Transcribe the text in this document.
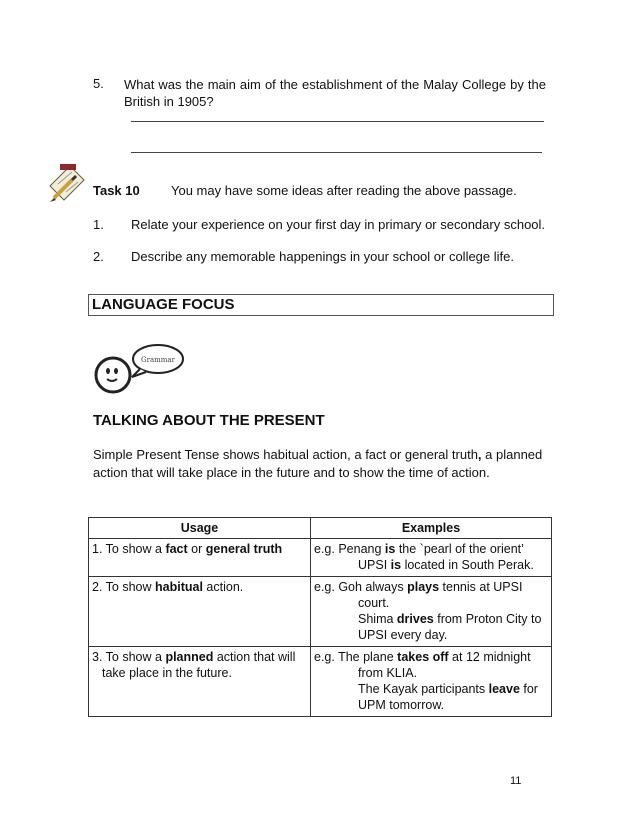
5. What was the main aim of the establishment of the Malay College by the British in 1905?
Task 10 You may have some ideas after reading the above passage.
1. Relate your experience on your first day in primary or secondary school.
2. Describe any memorable happenings in your school or college life.
LANGUAGE FOCUS
Grammar
TALKING ABOUT THE PRESENT
Simple Present Tense shows habitual action, a fact or general truth, a planned action that will take place in the future and to show the time of action.
Usage	Examples
1. To show a fact or general truth	e.g. Penang is the `pearl of the orient’
UPSI is located in South Perak.

2. To show habitual action.	e.g. Goh always plays tennis at UPSI
court.
Shima drives from Proton City to
UPSI every day.

3. To show a planned action that will
take place in the future.	e.g. The plane takes off at 12 midnight
from KLIA.
The Kayak participants leave for
UPM tomorrow.
11
